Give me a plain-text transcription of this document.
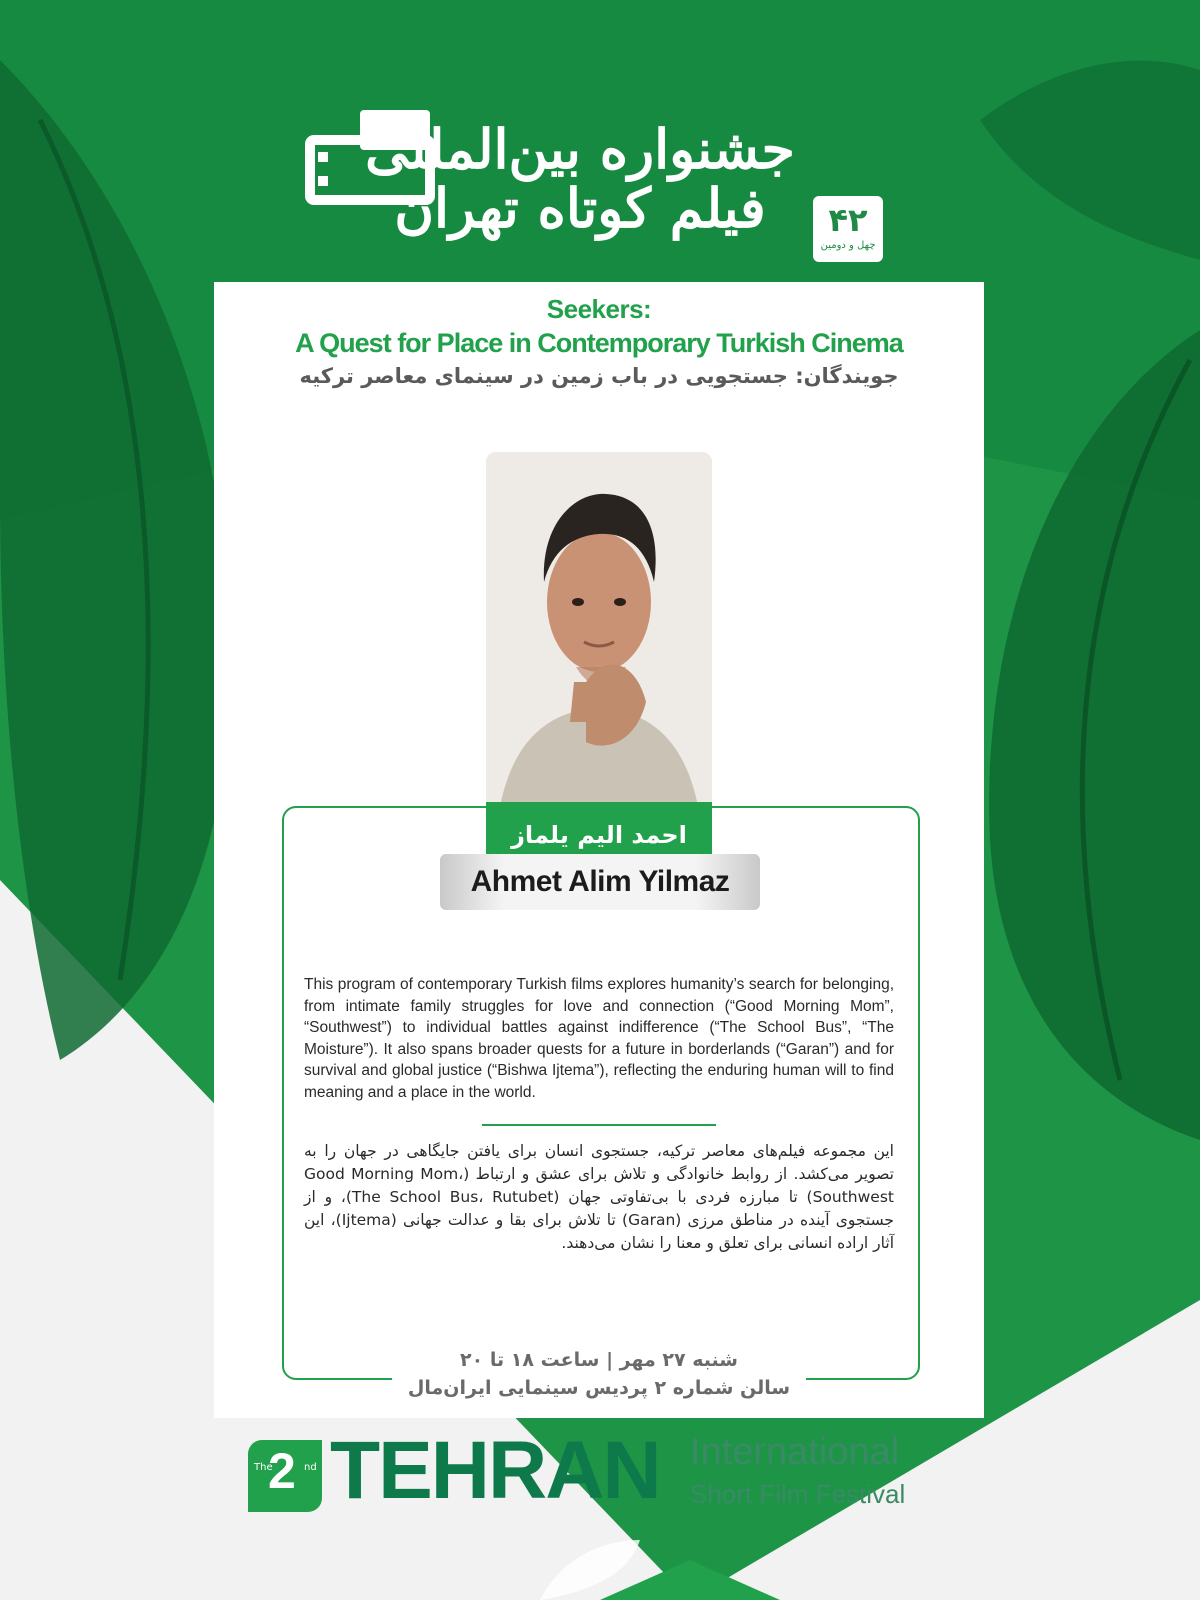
جشنواره بین‌المللی فیلم کوتاه تهران	۴۲
چهل و دومین
Seekers:
A Quest for Place in Contemporary Turkish Cinema
جویندگان: جستجویی در باب زمین در سینمای معاصر ترکیه
احمد الیم یلماز
Ahmet Alim Yilmaz
This program of contemporary Turkish films explores humanity’s search for belonging, from intimate family struggles for love and connection (“Good Morning Mom”, “Southwest”) to individual battles against indifference (“The School Bus”, “The Moisture”). It also spans broader quests for a future in borderlands (“Garan”) and for survival and global justice (“Bishwa Ijtema”), reflecting the enduring human will to find meaning and a place in the world.
این مجموعه فیلم‌های معاصر ترکیه، جستجوی انسان برای یافتن جایگاهی در جهان را به تصویر می‌کشد. از روابط خانوادگی و تلاش برای عشق و ارتباط (Good Morning Mom، Southwest) تا مبارزه فردی با بی‌تفاوتی جهان (The School Bus، Rutubet)، و از جستجوی آینده در مناطق مرزی (Garan) تا تلاش برای بقا و عدالت جهانی (Ijtema)، این آثار اراده انسانی برای تعلق و معنا را نشان می‌دهند.
شنبه ۲۷ مهر | ساعت ۱۸ تا ۲۰
سالن شماره ۲ پردیس سینمایی ایران‌مال
The
2 nd TEHRAN International
Short Film Festival
